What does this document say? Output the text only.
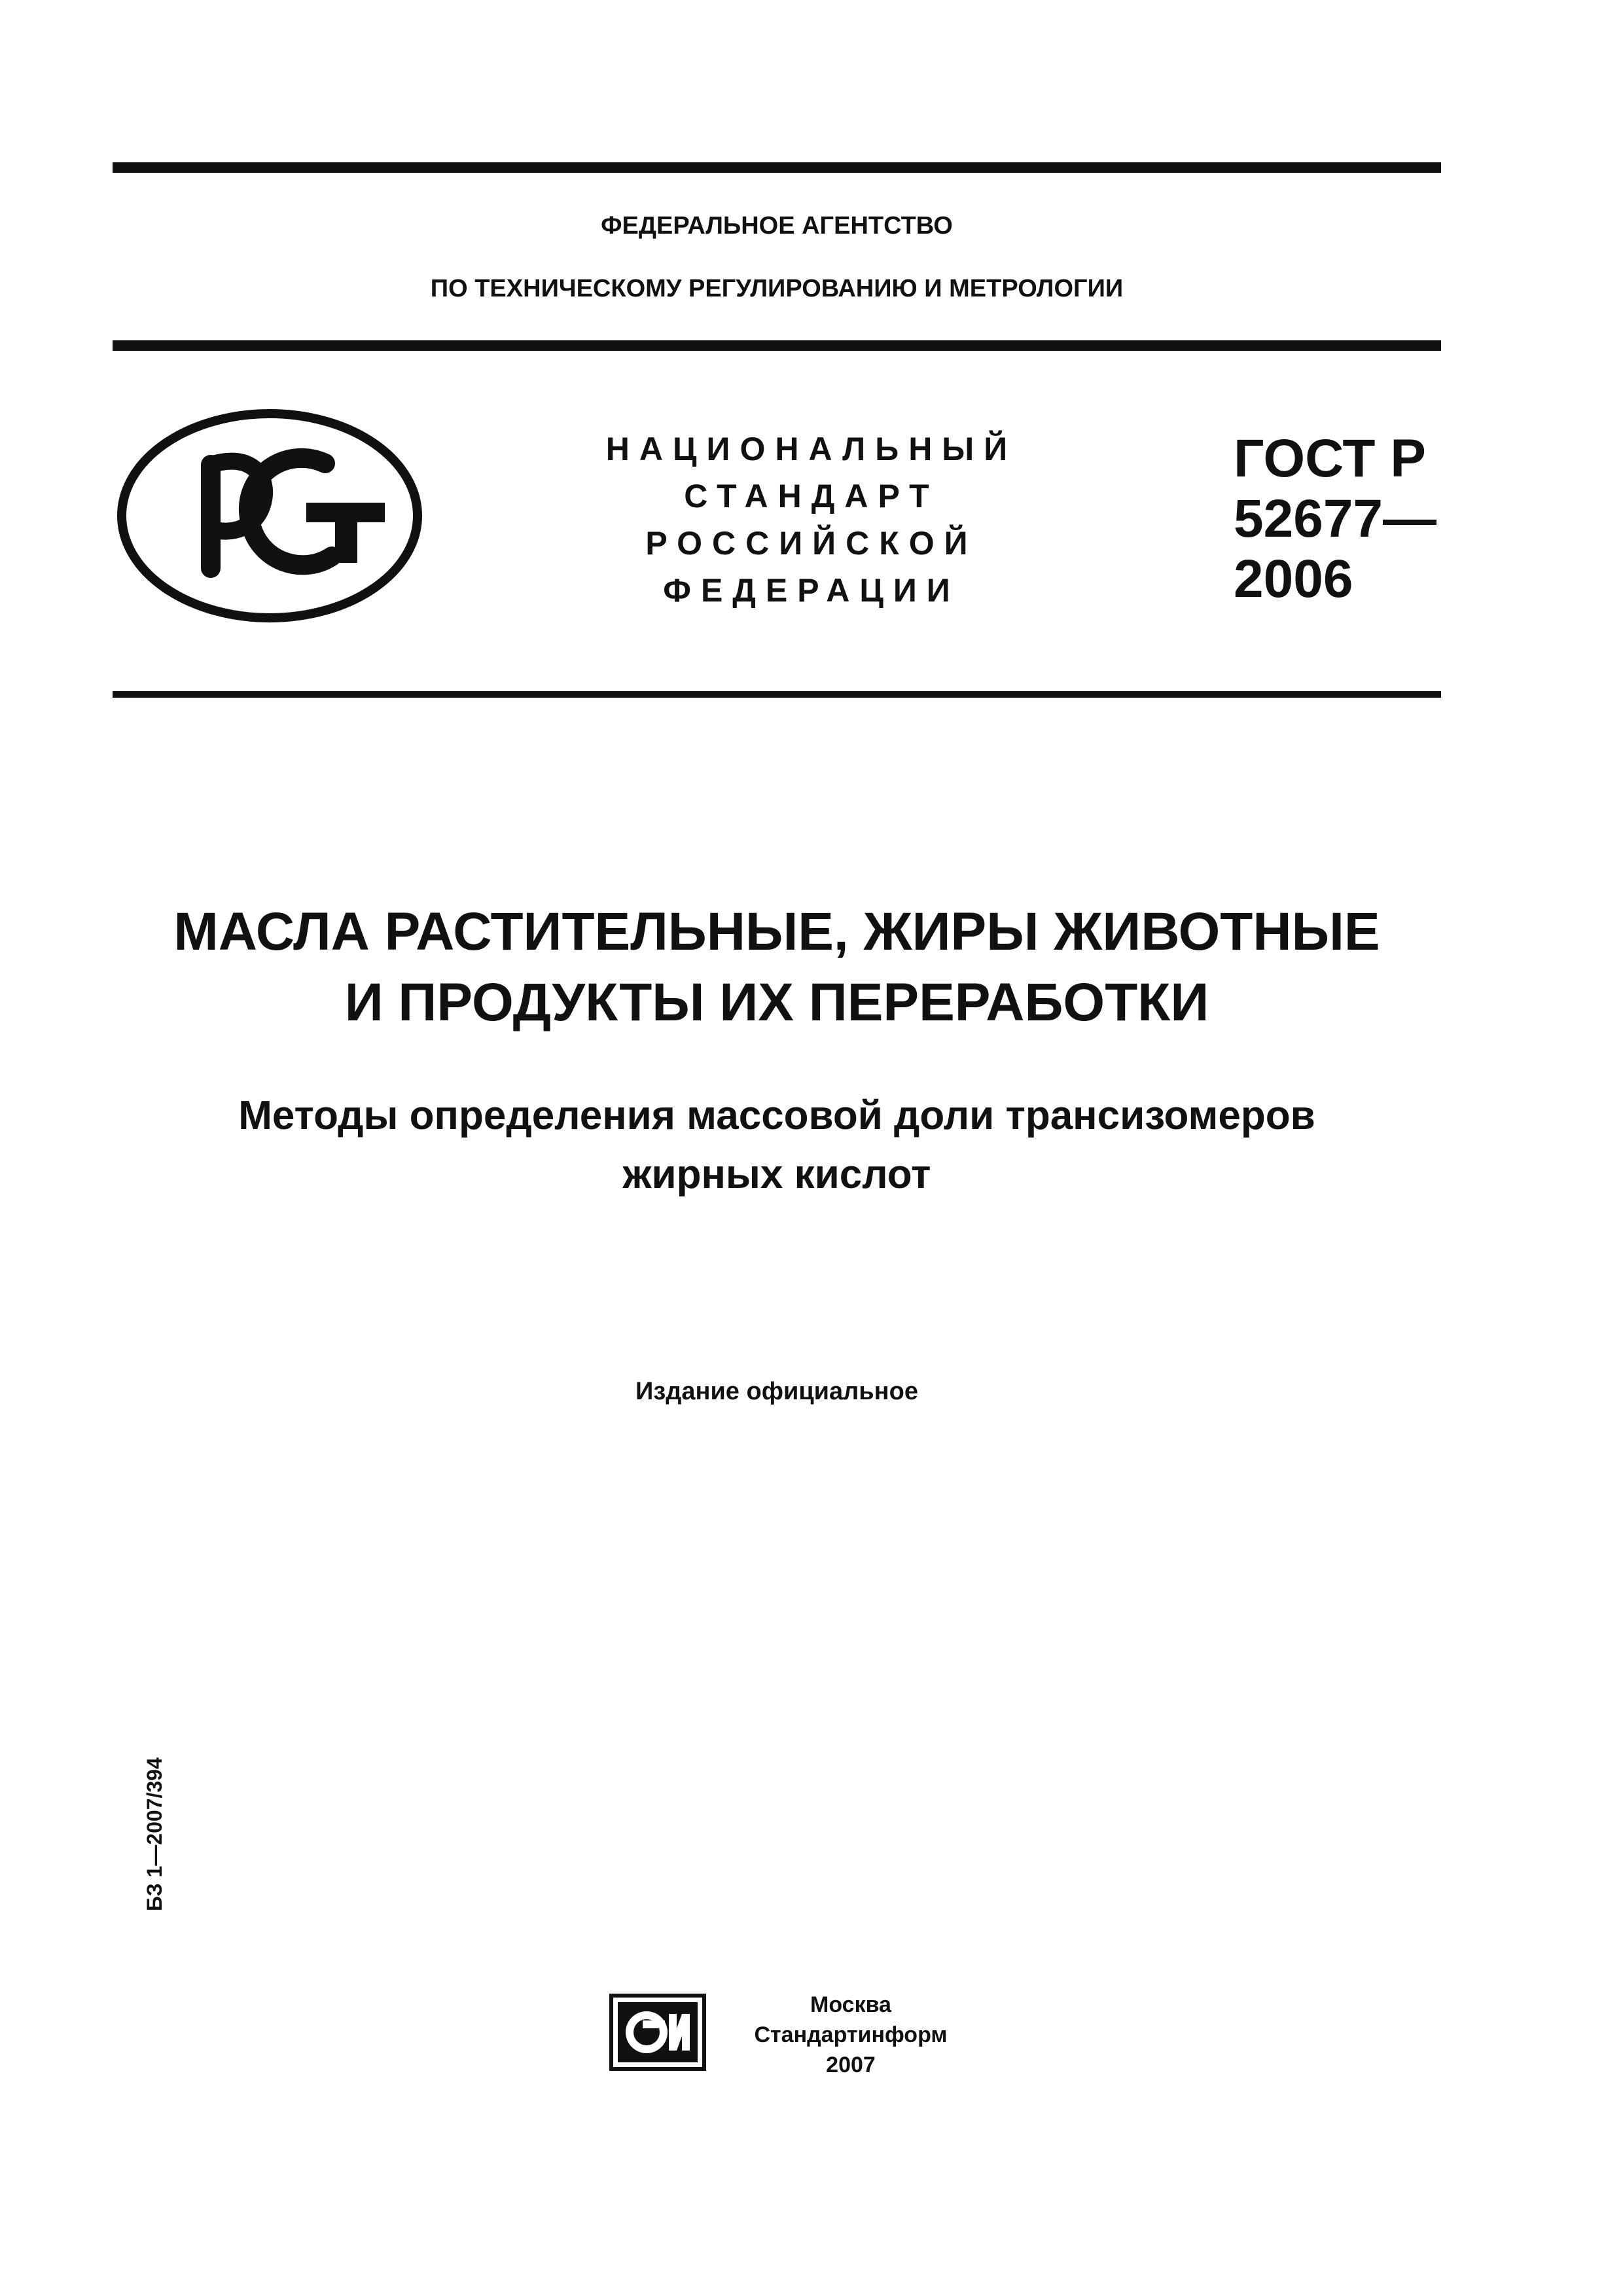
ФЕДЕРАЛЬНОЕ АГЕНТСТВО
ПО ТЕХНИЧЕСКОМУ РЕГУЛИРОВАНИЮ И МЕТРОЛОГИИ
НАЦИОНАЛЬНЫЙ
СТАНДАРТ
РОССИЙСКОЙ
ФЕДЕРАЦИИ
ГОСТ Р
52677—
2006
МАСЛА РАСТИТЕЛЬНЫЕ, ЖИРЫ ЖИВОТНЫЕ
И ПРОДУКТЫ ИХ ПЕРЕРАБОТКИ
Методы определения массовой доли трансизомеров
жирных кислот
Издание официальное
БЗ 1—2007/394
Москва
Стандартинформ
2007
